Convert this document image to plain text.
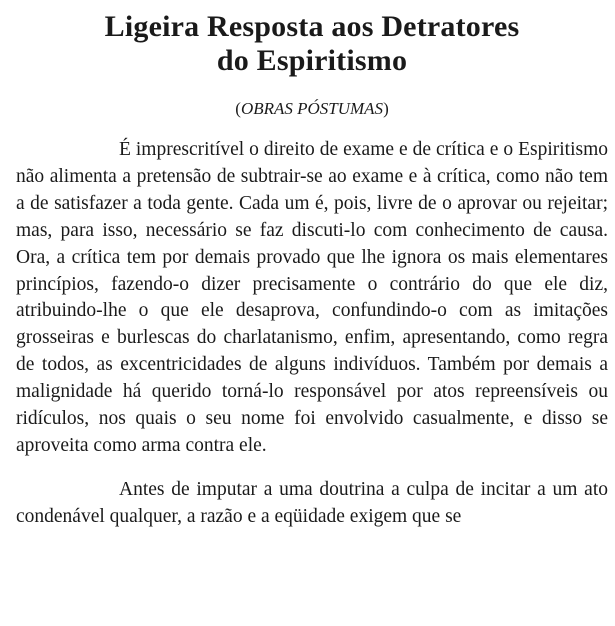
Ligeira Resposta aos Detratores
do Espiritismo

(OBRAS PÓSTUMAS)

É imprescritível o direito de exame e de crítica e o Espiritismo não alimenta a pretensão de subtrair-se ao exame e à crítica, como não tem a de satisfazer a toda gente. Cada um é, pois, livre de o aprovar ou rejeitar; mas, para isso, necessário se faz discuti-lo com conhecimento de causa. Ora, a crítica tem por demais provado que lhe ignora os mais elementares princípios, fazendo-o dizer precisamente o contrário do que ele diz, atribuindo-lhe o que ele desaprova, confundindo-o com as imitações grosseiras e burlescas do charlatanismo, enfim, apresentando, como regra de todos, as excentricidades de alguns indivíduos. Também por demais a malignidade há querido torná-lo responsável por atos repreensíveis ou ridículos, nos quais o seu nome foi envolvido casualmente, e disso se aproveita como arma contra ele.

Antes de imputar a uma doutrina a culpa de incitar a um ato condenável qualquer, a razão e a eqüidade exigem que se
